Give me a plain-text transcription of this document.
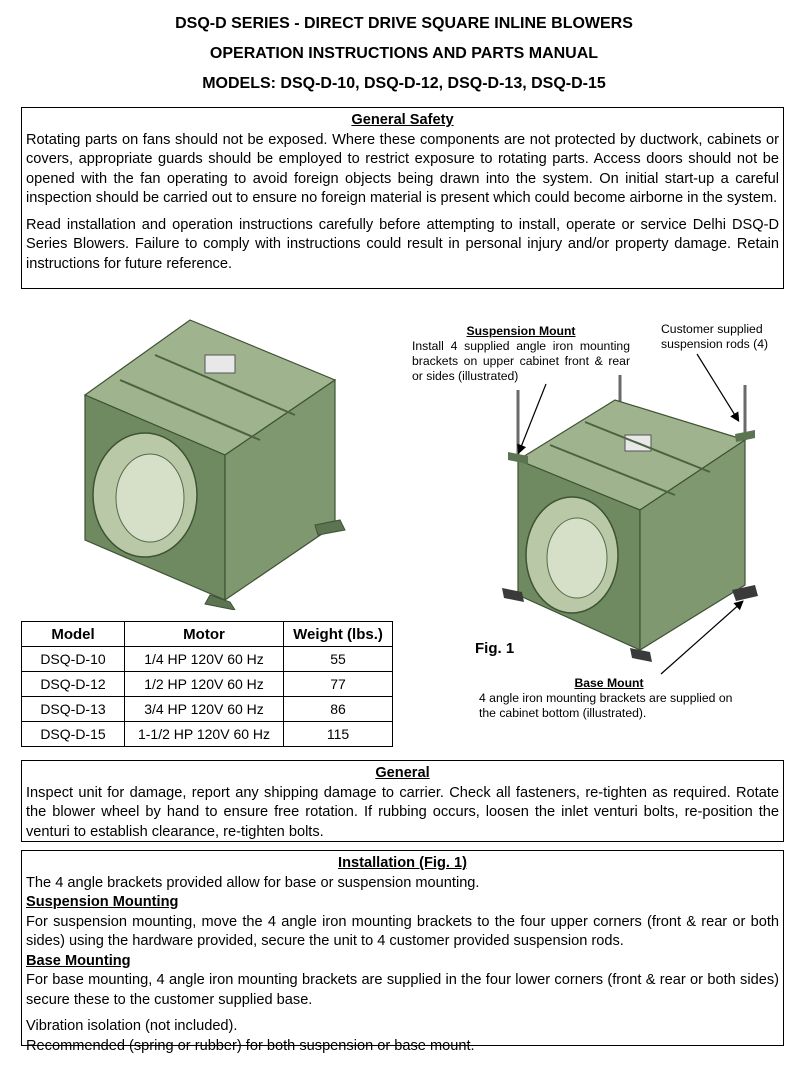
DSQ-D SERIES - DIRECT DRIVE SQUARE INLINE BLOWERS
OPERATION INSTRUCTIONS AND PARTS MANUAL
MODELS: DSQ-D-10, DSQ-D-12, DSQ-D-13, DSQ-D-15

General Safety

Rotating parts on fans should not be exposed. Where these components are not protected by ductwork, cabinets or covers, appropriate guards should be employed to restrict exposure to rotating parts. Access doors should not be opened with the fan operating to avoid foreign objects being drawn into the system. On initial start-up a careful inspection should be carried out to ensure no foreign material is present which could become airborne in the system.

Read installation and operation instructions carefully before attempting to install, operate or service Delhi DSQ-D Series Blowers. Failure to comply with instructions could result in personal injury and/or property damage. Retain instructions for future reference.

Suspension Mount
Install 4 supplied angle iron mounting brackets on upper cabinet front & rear or sides (illustrated)
Customer supplied suspension rods (4)
Fig. 1
Base Mount
4 angle iron mounting brackets are supplied on the cabinet bottom (illustrated).
Model	Motor	Weight (lbs.)
DSQ-D-10	1/4 HP 120V 60 Hz	55
DSQ-D-12	1/2 HP 120V 60 Hz	77
DSQ-D-13	3/4 HP 120V 60 Hz	86
DSQ-D-15	1-1/2 HP 120V 60 Hz	115

General

Inspect unit for damage, report any shipping damage to carrier. Check all fasteners, re-tighten as required. Rotate the blower wheel by hand to ensure free rotation. If rubbing occurs, loosen the inlet venturi bolts, re-position the venturi to establish clearance, re-tighten bolts.

Installation (Fig. 1)

The 4 angle brackets provided allow for base or suspension mounting.

Suspension Mounting

For suspension mounting, move the 4 angle iron mounting brackets to the four upper corners (front & rear or both sides) using the hardware provided, secure the unit to 4 customer provided suspension rods.

Base Mounting

For base mounting, 4 angle iron mounting brackets are supplied in the four lower corners (front & rear or both sides) secure these to the customer supplied base.

Vibration isolation (not included).

Recommended (spring or rubber) for both suspension or base mount.
